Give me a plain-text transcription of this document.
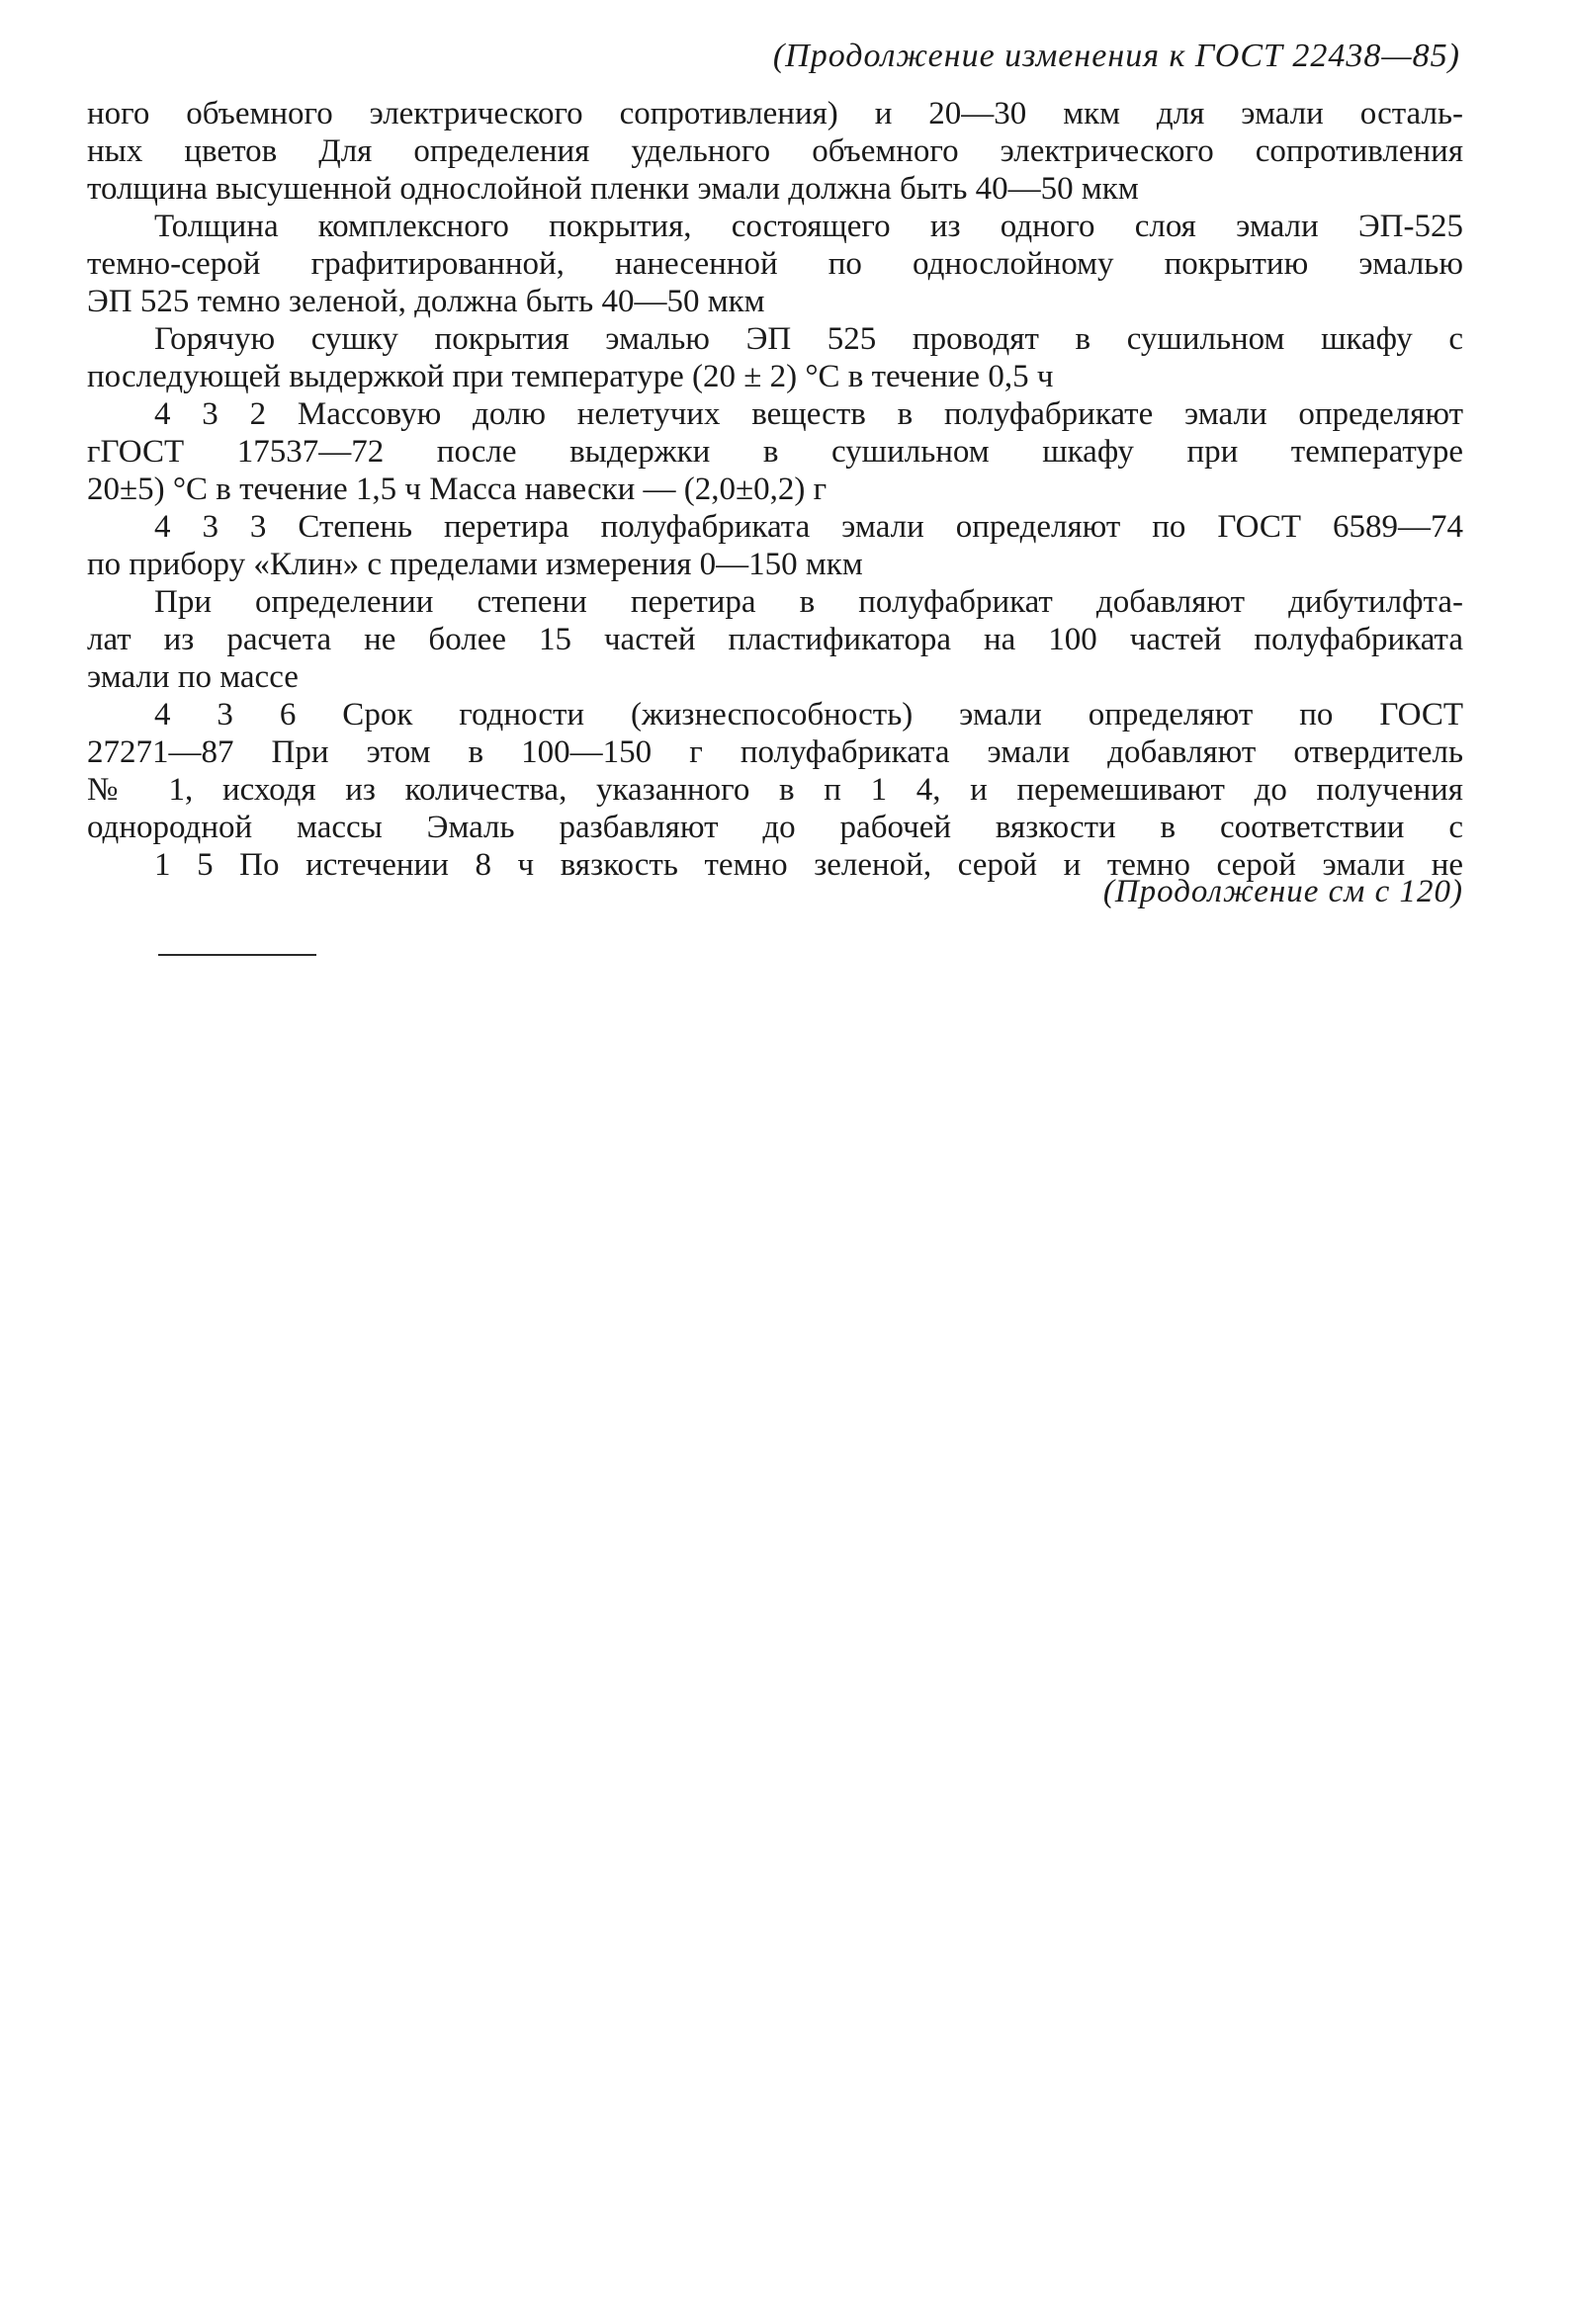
(Продолжение изменения к ГОСТ 22438—85)
ного объемного электрического сопротивления) и 20—30 мкм для эмали осталь-
ных цветов Для определения удельного объемного электрического сопротивления
толщина высушенной однослойной пленки эмали должна быть 40—50 мкм
Толщина комплексного покрытия, состоящего из одного слоя эмали ЭП-525
темно-серой графитированной, нанесенной по однослойному покрытию эмалью
ЭП 525 темно зеленой, должна быть 40—50 мкм
Горячую сушку покрытия эмалью ЭП 525 проводят в сушильном шкафу с
последующей выдержкой при температуре (20 ± 2) °С в течение 0,5 ч
4 3 2 Массовую долю нелетучих веществ в полуфабрикате эмали определяют
гГОСТ 17537—72 после выдержки в сушильном шкафу при температуре
20±5) °С в течение 1,5 ч Масса навески — (2,0±0,2) г
4 3 3 Степень перетира полуфабриката эмали определяют по ГОСТ 6589—74
по прибору «Клин» с пределами измерения 0—150 мкм
При определении степени перетира в полуфабрикат добавляют дибутилфта-
лат из расчета не более 15 частей пластификатора на 100 частей полуфабриката
эмали по массе
4 3 6 Срок годности (жизнеспособность) эмали определяют по ГОСТ
27271—87 При этом в 100—150 г полуфабриката эмали добавляют отвердитель
№ 1, исходя из количества, указанного в п 1 4, и перемешивают до получения
однородной массы Эмаль разбавляют до рабочей вязкости в соответствии с
1 5 По истечении 8 ч вязкость темно зеленой, серой и темно серой эмали не
(Продолжение см с 120)
